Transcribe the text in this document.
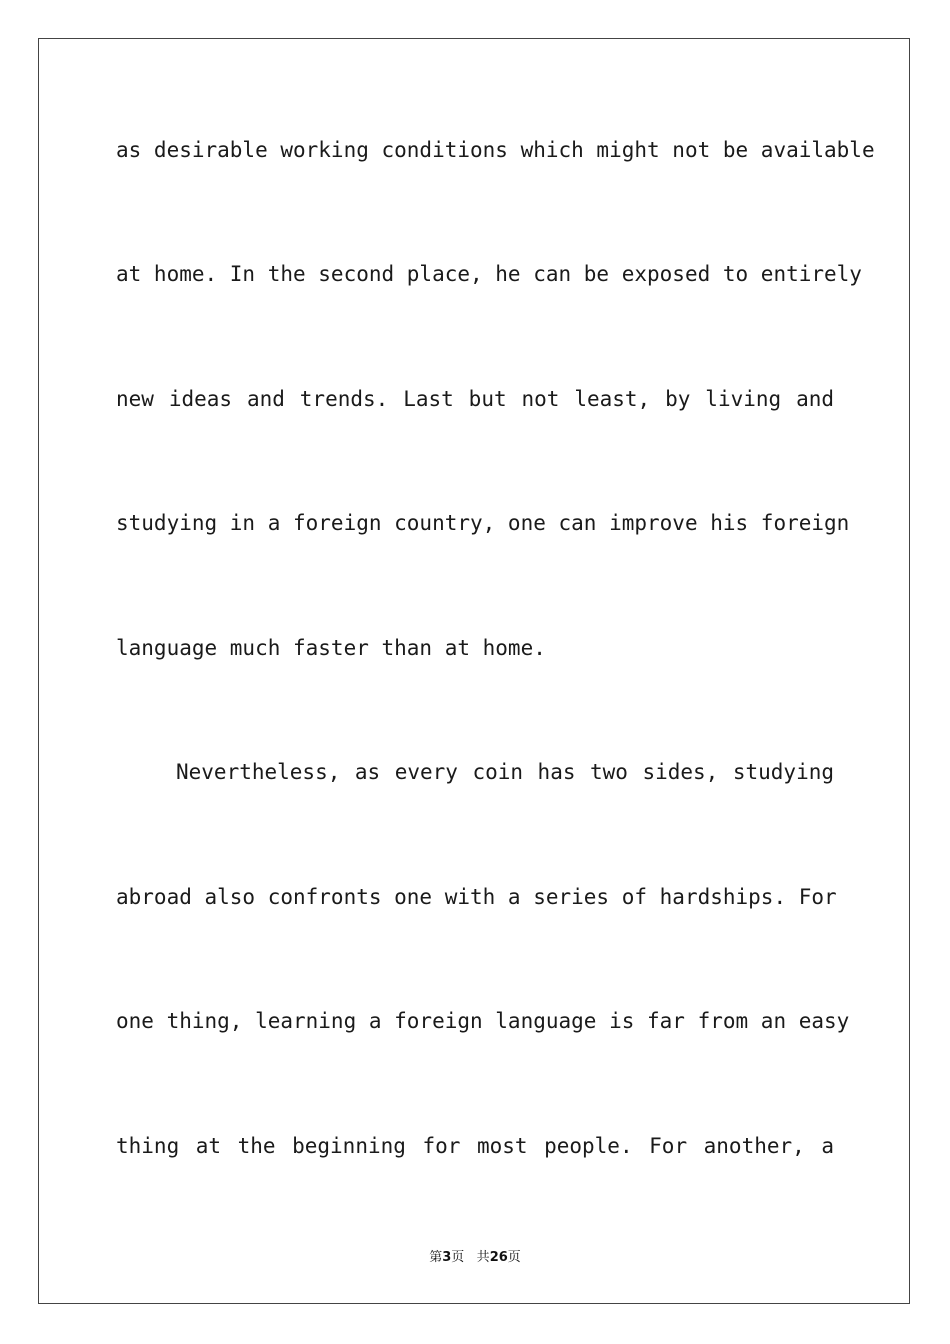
as desirable working conditions which might not be available
at home. In the second place, he can be exposed to entirely
new ideas and trends. Last but not least, by living and
studying in a foreign country, one can improve his foreign
language much faster than at home.
Nevertheless, as every coin has two sides, studying
abroad also confronts one with a series of hardships. For
one thing, learning a foreign language is far from an easy
thing at the beginning for most people. For another, a
第3页 共26页
